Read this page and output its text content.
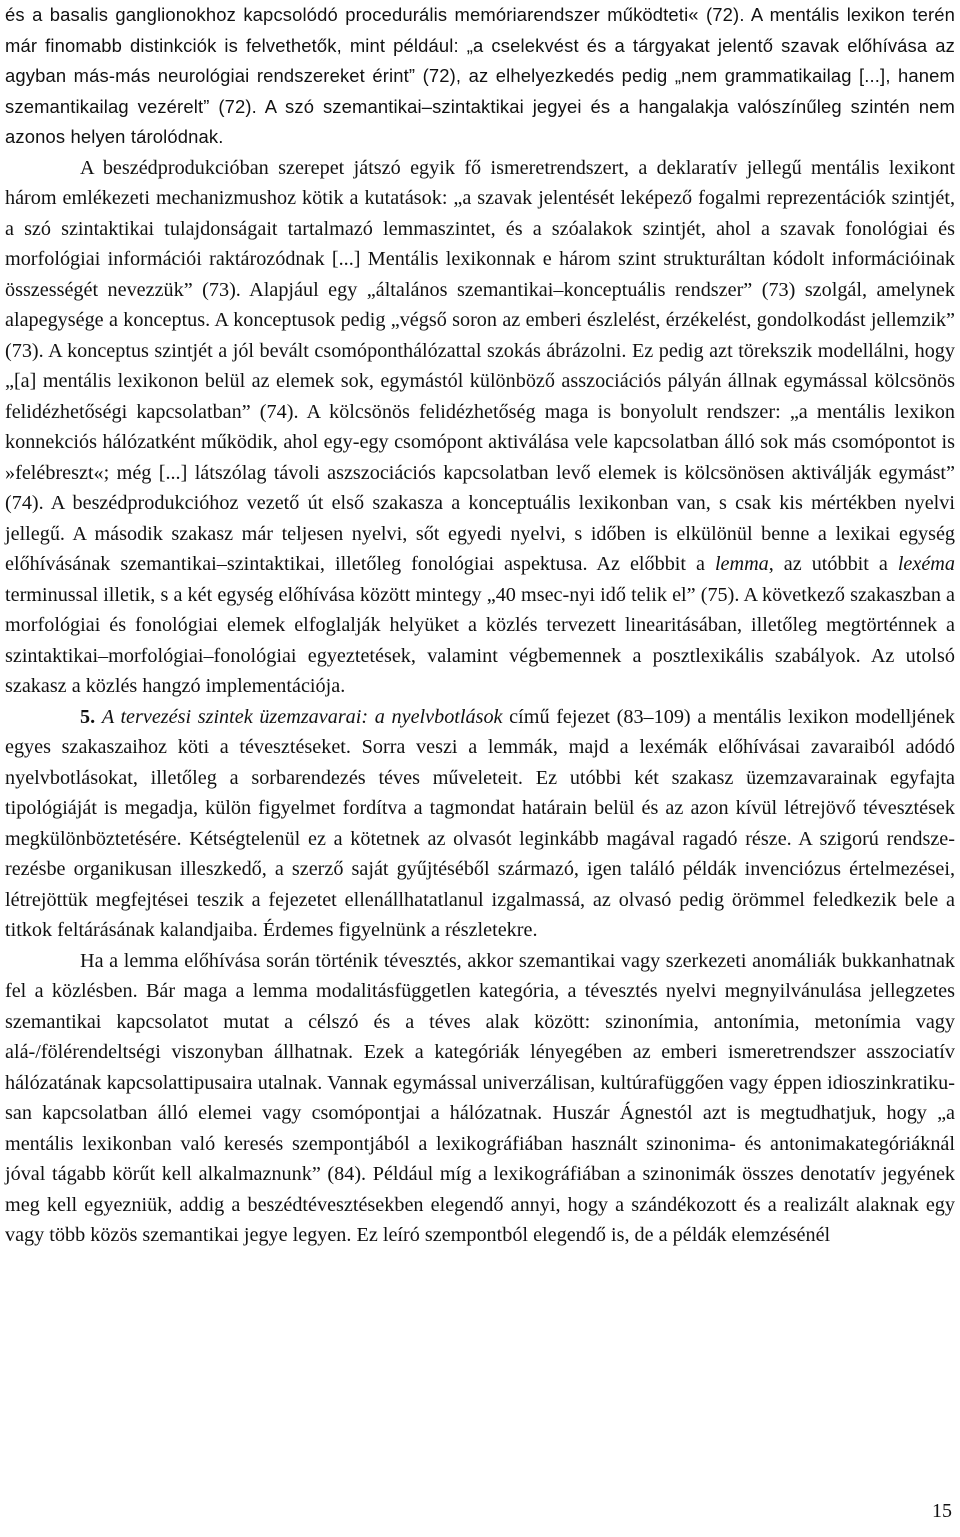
és a basalis ganglionokhoz kapcsolódó procedurális memóriarendszer működteti« (72). A mentális lexikon terén már finomabb distinkciók is felvethetők, mint például: „a cselekvést és a tárgyakat jelentő szavak előhívása az agyban más-más neurológiai rendszereket érint” (72), az elhelyezkedés pedig „nem grammatikailag [...], hanem szemantikailag vezérelt” (72). A szó szemantikai–szintaktikai jegyei és a hangalakja valószínűleg szintén nem azonos helyen tárolódnak.

A beszédprodukcióban szerepet játszó egyik fő ismeretrendszert, a deklaratív jellegű mentális lexikont három emlékezeti mechanizmushoz kötik a kutatások: „a szavak jelentését leképező fogalmi reprezentációk szintjét, a szó szintaktikai tulajdonságait tartalmazó lemmaszintet, és a szóalakok szintjét, ahol a szavak fonológiai és morfológiai információi raktározódnak [...] Mentális lexikonnak e három szint strukturáltan kódolt információinak összességét nevezzük” (73). Alapjául egy „általános szemantikai–konceptuális rendszer” (73) szolgál, amelynek alapegysége a konceptus. A konceptusok pedig „végső soron az emberi észlelést, érzékelést, gondolkodást jellemzik” (73). A konceptus szintjét a jól bevált csomóponthálózattal szokás ábrázolni. Ez pedig azt törekszik modellálni, hogy „[a] mentális lexikonon belül az elemek sok, egymástól különböző asszociációs pályán állnak egymással kölcsönös felidézhetőségi kapcsolatban” (74). A kölcsönös felidézhetőség maga is bonyolult rendszer: „a mentális lexikon konnekciós hálózatként működik, ahol egy-egy csomópont aktiválása vele kapcsolatban álló sok más csomópontot is »felébreszt«; még [...] látszólag távoli aszszociációs kapcsolatban levő elemek is kölcsönösen aktiválják egymást” (74). A beszédprodukcióhoz vezető út első szakasza a konceptuális lexikonban van, s csak kis mértékben nyelvi jellegű. A második szakasz már teljesen nyelvi, sőt egyedi nyelvi, s időben is elkülönül benne a lexikai egység előhívásának szemantikai–szintaktikai, illetőleg fonológiai aspektusa. Az előbbit a lemma, az utóbbit a lexéma terminussal illetik, s a két egység előhívása között mintegy „40 msec-nyi idő telik el” (75). A következő szakaszban a morfológiai és fonológiai elemek elfoglalják helyüket a közlés tervezett linearitásában, illetőleg megtörténnek a szintaktikai–morfológiai–fonológiai egyeztetések, valamint végbemennek a posztlexikális szabályok. Az utolsó szakasz a közlés hangzó implementációja.

5. A tervezési szintek üzemzavarai: a nyelvbotlások című fejezet (83–109) a mentális lexikon modelljének egyes szakaszaihoz köti a tévesztéseket. Sorra veszi a lemmák, majd a lexémák előhívásai zavaraiból adódó nyelvbotlásokat, illetőleg a sorbarendezés téves műveleteit. Ez utóbbi két szakasz üzemzavarainak egyfajta tipológiáját is megadja, külön figyelmet fordítva a tagmondat határain belül és az azon kívül létrejövő tévesztések megkülönböztetésére. Kétségtelenül ez a kötetnek az olvasót leginkább magával ragadó része. A szigorú rendszerezésbe organikusan illeszkedő, a szerző saját gyűjtéséből származó, igen találó példák invenciózus értelmezései, létrejöttük megfejtései teszik a fejezetet ellenállhatatlanul izgalmassá, az olvasó pedig örömmel feledkezik bele a titkok feltárásának kalandjaiba. Érdemes figyelnünk a részletekre.

Ha a lemma előhívása során történik tévesztés, akkor szemantikai vagy szerkezeti anomáliák bukkanhatnak fel a közlésben. Bár maga a lemma modalitásfüggetlen kategória, a tévesztés nyelvi megnyilvánulása jellegzetes szemantikai kapcsolatot mutat a célszó és a téves alak között: szinonímia, antonímia, metonímia vagy alá-/fölérendeltségi viszonyban állhatnak. Ezek a kategóriák lényegében az emberi ismeretrendszer asszociatív hálózatának kapcsolattipusaira utalnak. Vannak egymással univerzálisan, kultúrafüggően vagy éppen idioszinkratikusan kapcsolatban álló elemei vagy csomópontjai a hálózatnak. Huszár Ágnestól azt is megtudhatjuk, hogy „a mentális lexikonban való keresés szempontjából a lexikográfiában használt szinonima- és antonimakategóriáknál jóval tágabb körűt kell alkalmaznunk” (84). Például míg a lexikográfiában a szinonimák összes denotatív jegyének meg kell egyezniük, addig a beszédtévesztésekben elegendő annyi, hogy a szándékozott és a realizált alaknak egy vagy több közös szemantikai jegye legyen. Ez leíró szempontból elegendő is, de a példák elemzésénél

15
